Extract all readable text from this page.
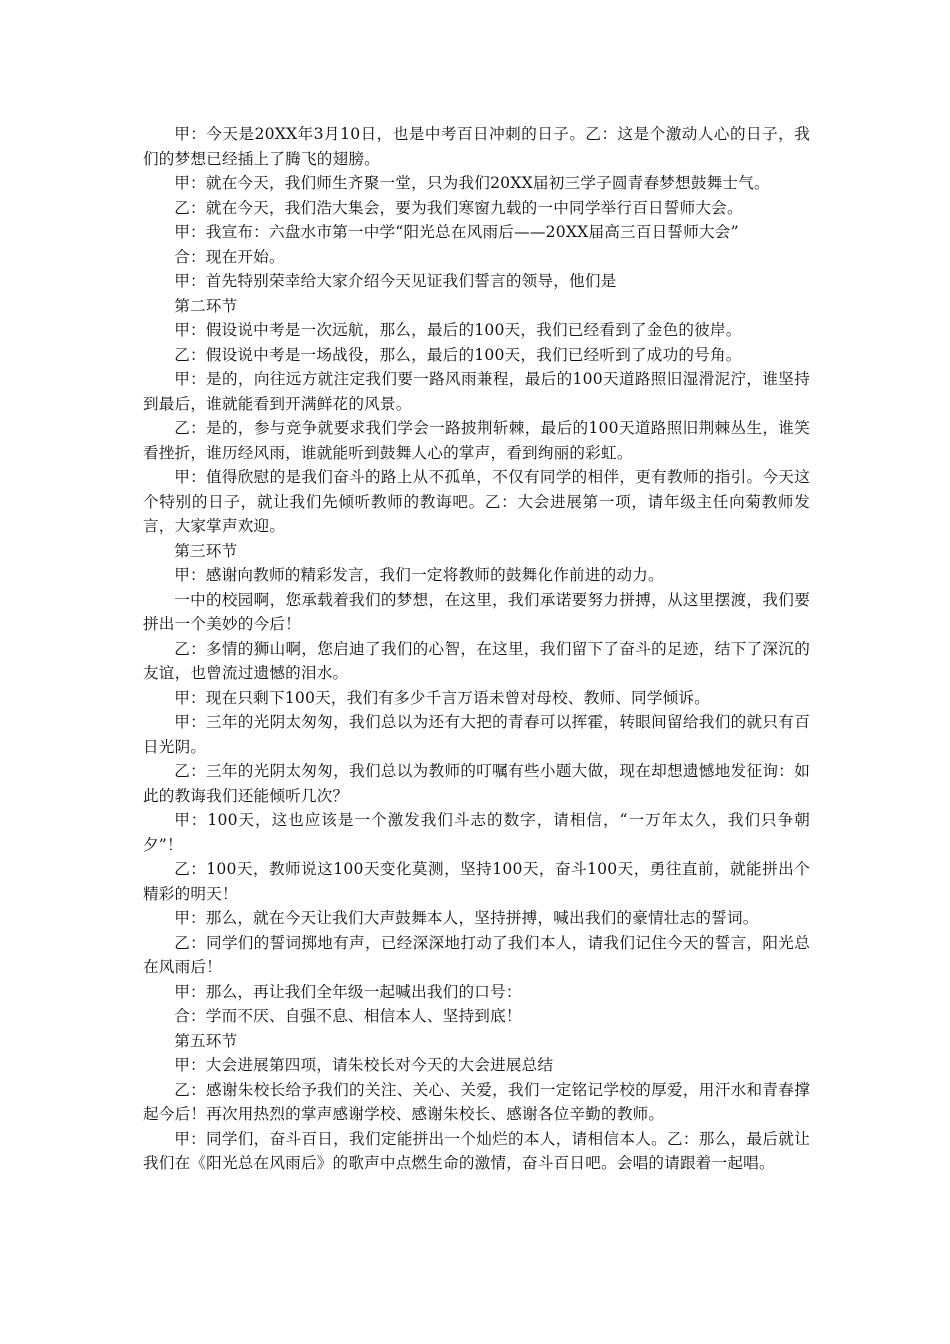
甲：今天是20XX年3月10日，也是中考百日冲刺的日子。乙：这是个激动人心的日子，我们的梦想已经插上了腾飞的翅膀。

甲：就在今天，我们师生齐聚一堂，只为我们20XX届初三学子圆青春梦想鼓舞士气。

乙：就在今天，我们浩大集会，要为我们寒窗九载的一中同学举行百日誓师大会。

甲：我宣布：六盘水市第一中学“阳光总在风雨后——20XX届高三百日誓师大会”

合：现在开始。

甲：首先特别荣幸给大家介绍今天见证我们誓言的领导，他们是

第二环节

甲：假设说中考是一次远航，那么，最后的100天，我们已经看到了金色的彼岸。

乙：假设说中考是一场战役，那么，最后的100天，我们已经听到了成功的号角。

甲：是的，向往远方就注定我们要一路风雨兼程，最后的100天道路照旧湿滑泥泞，谁坚持到最后，谁就能看到开满鲜花的风景。

乙：是的，参与竞争就要求我们学会一路披荆斩棘，最后的100天道路照旧荆棘丛生，谁笑看挫折，谁历经风雨，谁就能听到鼓舞人心的掌声，看到绚丽的彩虹。

甲：值得欣慰的是我们奋斗的路上从不孤单，不仅有同学的相伴，更有教师的指引。今天这个特别的日子，就让我们先倾听教师的教诲吧。乙：大会进展第一项，请年级主任向菊教师发言，大家掌声欢迎。

第三环节

甲：感谢向教师的精彩发言，我们一定将教师的鼓舞化作前进的动力。

一中的校园啊，您承载着我们的梦想，在这里，我们承诺要努力拼搏，从这里摆渡，我们要拼出一个美妙的今后！

乙：多情的狮山啊，您启迪了我们的心智，在这里，我们留下了奋斗的足迹，结下了深沉的友谊，也曾流过遗憾的泪水。

甲：现在只剩下100天，我们有多少千言万语未曾对母校、教师、同学倾诉。

甲：三年的光阴太匆匆，我们总以为还有大把的青春可以挥霍，转眼间留给我们的就只有百日光阴。

乙：三年的光阴太匆匆，我们总以为教师的叮嘱有些小题大做，现在却想遗憾地发征询：如此的教诲我们还能倾听几次？

甲：100天，这也应该是一个激发我们斗志的数字，请相信，“一万年太久，我们只争朝夕”！

乙：100天，教师说这100天变化莫测，坚持100天，奋斗100天，勇往直前，就能拼出个精彩的明天！

甲：那么，就在今天让我们大声鼓舞本人，坚持拼搏，喊出我们的豪情壮志的誓词。

乙：同学们的誓词掷地有声，已经深深地打动了我们本人，请我们记住今天的誓言，阳光总在风雨后！

甲：那么，再让我们全年级一起喊出我们的口号：

合：学而不厌、自强不息、相信本人、坚持到底！

第五环节

甲：大会进展第四项，请朱校长对今天的大会进展总结

乙：感谢朱校长给予我们的关注、关心、关爱，我们一定铭记学校的厚爱，用汗水和青春撑起今后！再次用热烈的掌声感谢学校、感谢朱校长、感谢各位辛勤的教师。

甲：同学们，奋斗百日，我们定能拼出一个灿烂的本人，请相信本人。乙：那么，最后就让我们在《阳光总在风雨后》的歌声中点燃生命的激情，奋斗百日吧。会唱的请跟着一起唱。
